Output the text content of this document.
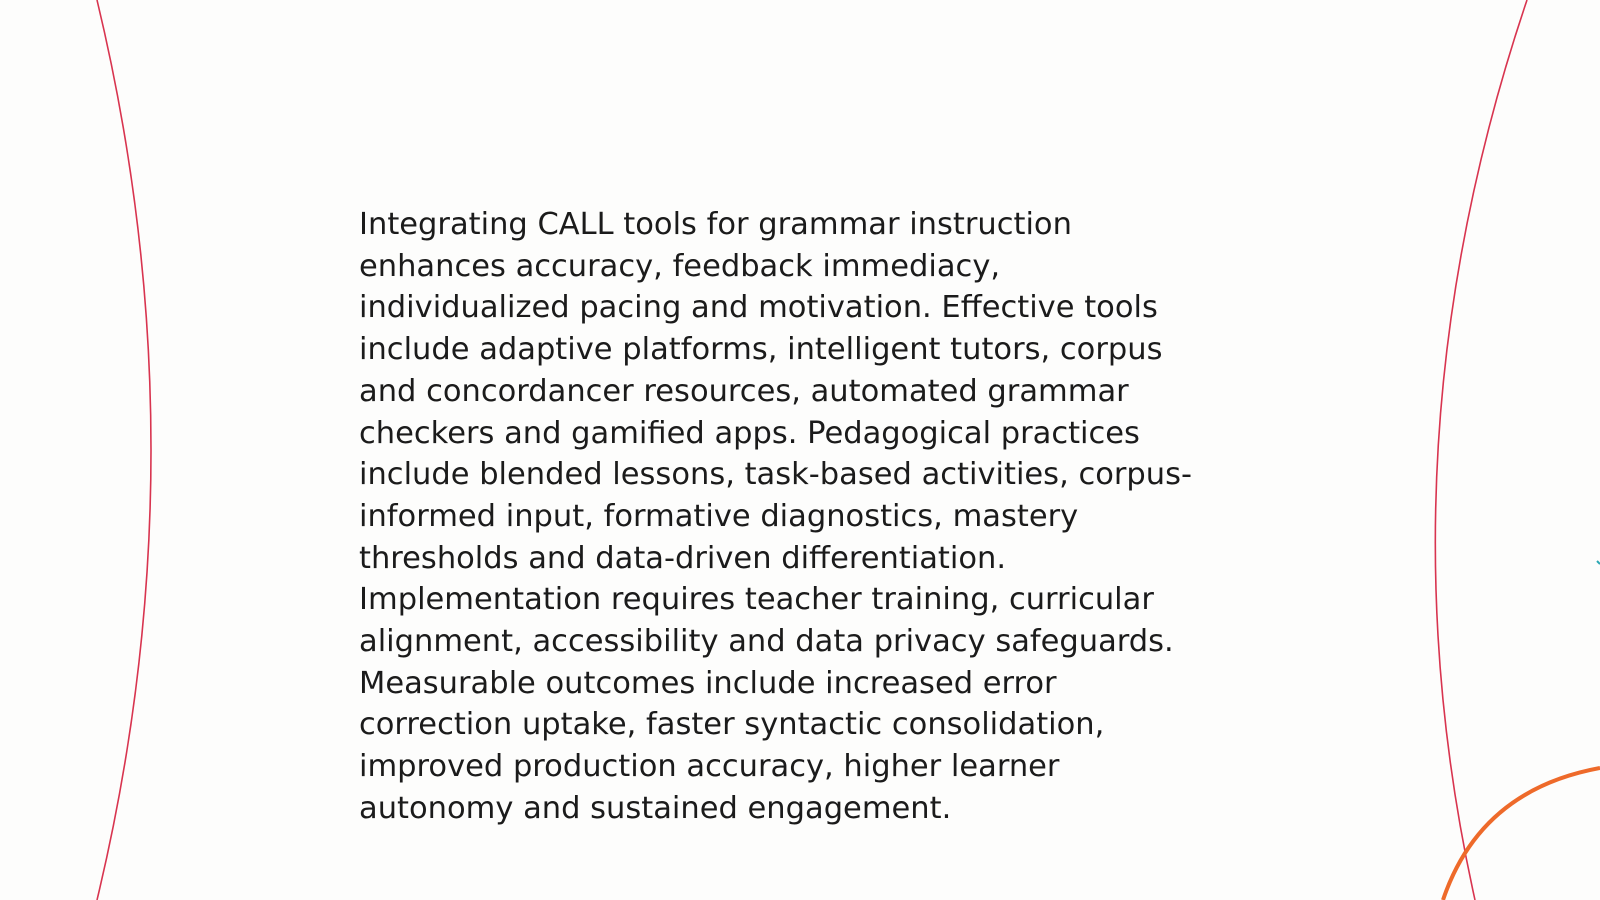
Integrating CALL tools for grammar instruction
enhances accuracy, feedback immediacy,
individualized pacing and motivation. Effective tools
include adaptive platforms, intelligent tutors, corpus
and concordancer resources, automated grammar
checkers and gamified apps. Pedagogical practices
include blended lessons, task-based activities, corpus-
informed input, formative diagnostics, mastery
thresholds and data-driven differentiation.
Implementation requires teacher training, curricular
alignment, accessibility and data privacy safeguards.
Measurable outcomes include increased error
correction uptake, faster syntactic consolidation,
improved production accuracy, higher learner
autonomy and sustained engagement.
